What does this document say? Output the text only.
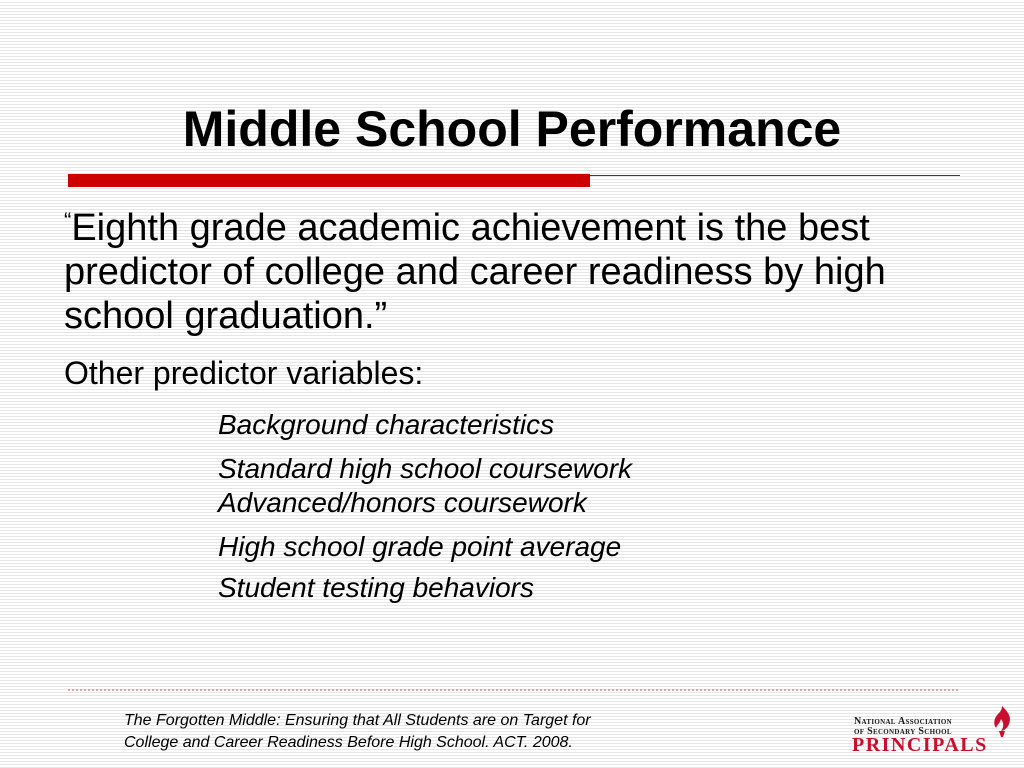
Middle School Performance

“Eighth grade academic achievement is the best predictor of college and career readiness by high school graduation.”

Other predictor variables:

Background characteristics
Standard high school coursework
Advanced/honors coursework
High school grade point average
Student testing behaviors

The Forgotten Middle: Ensuring that All Students are on Target for
College and Career Readiness Before High School. ACT. 2008.

National Association
of Secondary School
PRINCIPALS
